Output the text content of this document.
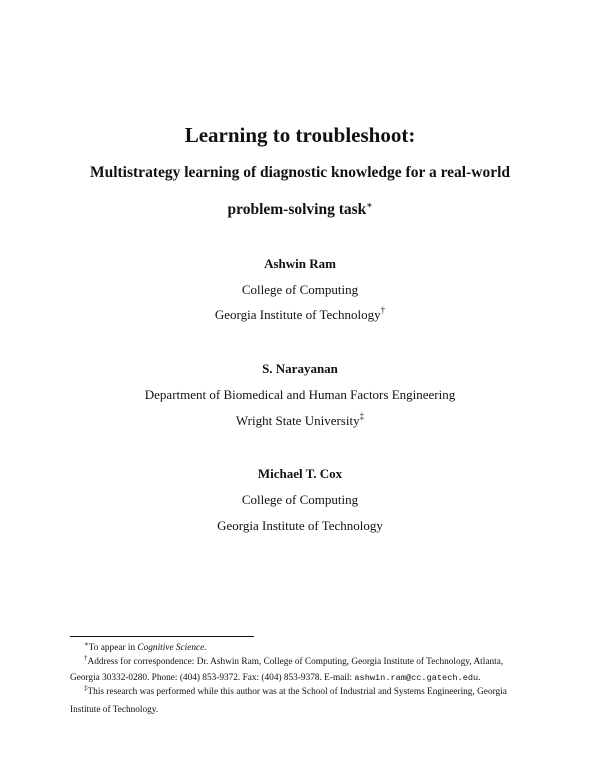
Learning to troubleshoot:
Multistrategy learning of diagnostic knowledge for a real-world
problem-solving task∗
Ashwin Ram
College of Computing
Georgia Institute of Technology†
S. Narayanan
Department of Biomedical and Human Factors Engineering
Wright State University‡
Michael T. Cox
College of Computing
Georgia Institute of Technology
∗To appear in Cognitive Science.
†Address for correspondence: Dr. Ashwin Ram, College of Computing, Georgia Institute of Technology, Atlanta,
Georgia 30332-0280. Phone: (404) 853-9372. Fax: (404) 853-9378. E-mail: ashwin.ram@cc.gatech.edu.
‡This research was performed while this author was at the School of Industrial and Systems Engineering, Georgia
Institute of Technology.
